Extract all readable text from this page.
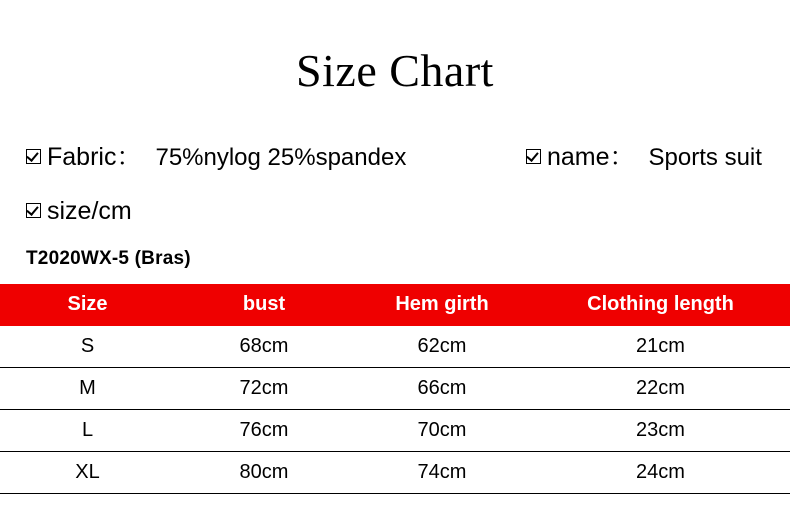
Size Chart
Fabric： 75%nylog 25%spandex	name： Sports suit
size/cm
T2020WX-5 (Bras)
Size	bust	Hem girth	Clothing length
S	68cm	62cm	21cm
M	72cm	66cm	22cm
L	76cm	70cm	23cm
XL	80cm	74cm	24cm
